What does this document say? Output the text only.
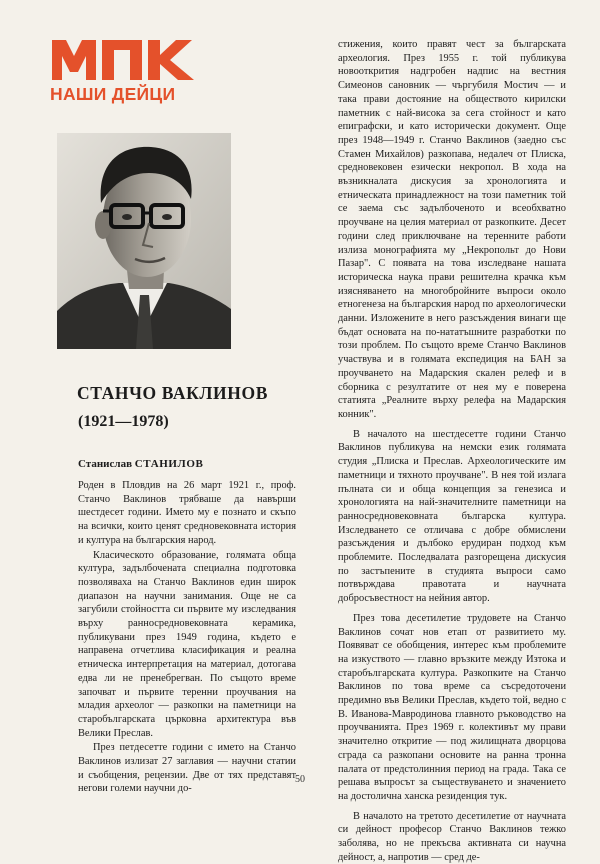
НАШИ ДЕЙЦИ
СТАНЧО ВАКЛИНОВ
(1921—1978)
Станислав СТАНИЛОВ

Роден в Пловдив на 26 март 1921 г., проф. Станчо Ваклинов трябваше да навърши шестдесет години. Името му е познато и скъпо на всички, които ценят средновековната история и култура на българския народ.

Класическото образование, голямата обща култура, задълбочената специална подготовка позволяваха на Станчо Ваклинов един широк диапазон на научни занимания. Още не са загубили стойността си първите му изследвания върху ранносредновековната керамика, публикувани през 1949 година, където е направена отчетлива класификация и реална етническа интерпретация на материал, дотогава едва ли не пренебрегван. По същото време започват и първите теренни проучвания на младия археолог — разкопки на паметници на старобългарската църковна архитектура във Велики Преслав.

През петдесетте години с името на Станчо Ваклинов излизат 27 заглавия — научни статии и съобщения, рецензии. Две от тях представят негови големи научни до-

стижения, които правят чест за българската археология. През 1955 г. той публикува новооткрития надгробен надпис на вестния Симеонов сановник — чъргубиля Мостич — и така прави достояние на обществото кирилски паметник с най-висока за сега стойност и като епиграфски, и като исторически документ. Още през 1948—1949 г. Станчо Ваклинов (заедно със Стамен Михайлов) разкопава, недалеч от Плиска, средновековен езически некропол. В хода на възникналата дискусия за хронологията и етническата принадлежност на този паметник той се заема със задълбоченото и всеобхватно проучване на целия материал от разкопките. Десет години след приключване на теренните работи излиза монографията му „Некропольт до Нови Пазар". С появата на това изследване нашата историческа наука прави решителна крачка към изясняването на многобройните въпроси около етногенеза на българския народ по археологически данни. Изложените в него разсъждения винаги ще бъдат основата на по-нататъшните разработки по този проблем. По същото време Станчо Ваклинов участвува и в голямата експедиция на БАН за проучването на Мадарския скален релеф и в сборника с резултатите от нея му е поверена статията „Реалните върху релефа на Мадарския конник".

В началото на шестдесетте години Станчо Ваклинов публикува на немски език голямата студия „Плиска и Преслав. Археологическите им паметници и тяхното проучване". В нея той излага пълната си и обща концепция за генезиса и хронологията на най-значителните паметници на ранносредновековната българска култура. Изследването се отличава с добре обмислени разсъждения и дълбоко ерудиран подход към проблемите. Последвалата разгорещена дискусия по застъпените в студията въпроси само потвърждава правотата и научната добросъвестност на нейния автор.

През това десетилетие трудовете на Станчо Ваклинов сочат нов етап от развитието му. Появяват се обобщения, интерес към проблемите на изкуството — главно връзките между Изтока и старобългарската култура. Разкопките на Станчо Ваклинов по това време са съсредоточени предимно във Велики Преслав, където той, ведно с В. Иванова-Мавродинова главното ръководство на проучванията. През 1969 г. колективът му прави значително откритие — под жилищната дворцова сграда са разкопани основите на ранна тронна палата от предстолинния период на града. Така се решава въпросът за съществуването и значението на достолична ханска резиденция тук.

В началото на третото десетилетие от научната си дейност професор Станчо Ваклинов тежко заболява, но не прекъсва активната си научна дейност, а, напротив — сред де-

50
